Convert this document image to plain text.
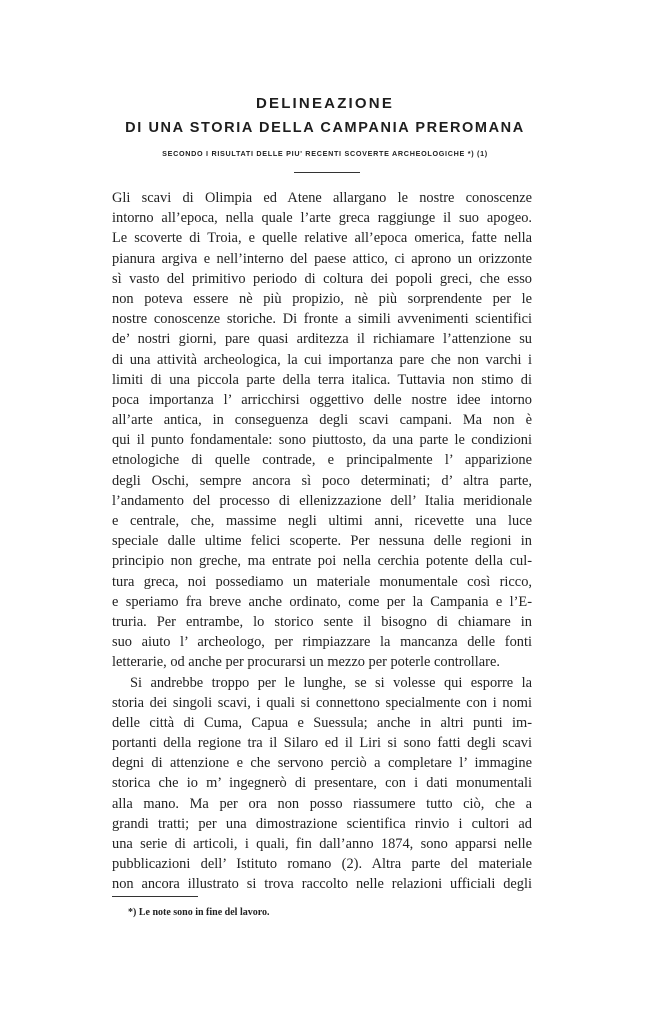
DELINEAZIONE
DI UNA STORIA DELLA CAMPANIA PREROMANA
SECONDO I RISULTATI DELLE PIU' RECENTI SCOVERTE ARCHEOLOGICHE *) (1)
Gli scavi di Olimpia ed Atene allargano le nostre conoscenze
intorno all’epoca, nella quale l’arte greca raggiunge il suo apogeo.
Le scoverte di Troia, e quelle relative all’epoca omerica, fatte nella
pianura argiva e nell’interno del paese attico, ci aprono un orizzonte
sì vasto del primitivo periodo di coltura dei popoli greci, che esso
non poteva essere nè più propizio, nè più sorprendente per le
nostre conoscenze storiche. Di fronte a simili avvenimenti scientifici
de’ nostri giorni, pare quasi arditezza il richiamare l’attenzione su
di una attività archeologica, la cui importanza pare che non varchi i
limiti di una piccola parte della terra italica. Tuttavia non stimo di
poca importanza l’ arricchirsi oggettivo delle nostre idee intorno
all’arte antica, in conseguenza degli scavi campani. Ma non è
qui il punto fondamentale: sono piuttosto, da una parte le condizioni
etnologiche di quelle contrade, e principalmente l’ apparizione
degli Oschi, sempre ancora sì poco determinati; d’ altra parte,
l’andamento del processo di ellenizzazione dell’ Italia meridionale
e centrale, che, massime negli ultimi anni, ricevette una luce
speciale dalle ultime felici scoperte. Per nessuna delle regioni in
principio non greche, ma entrate poi nella cerchia potente della cul-
tura greca, noi possediamo un materiale monumentale così ricco,
e speriamo fra breve anche ordinato, come per la Campania e l’E-
truria. Per entrambe, lo storico sente il bisogno di chiamare in
suo aiuto l’ archeologo, per rimpiazzare la mancanza delle fonti
letterarie, od anche per procurarsi un mezzo per poterle controllare.
Si andrebbe troppo per le lunghe, se si volesse qui esporre la
storia dei singoli scavi, i quali si connettono specialmente con i nomi
delle città di Cuma, Capua e Suessula; anche in altri punti im-
portanti della regione tra il Silaro ed il Liri si sono fatti degli scavi
degni di attenzione e che servono perciò a completare l’ immagine
storica che io m’ ingegnerò di presentare, con i dati monumentali
alla mano. Ma per ora non posso riassumere tutto ciò, che a
grandi tratti; per una dimostrazione scientifica rinvio i cultori ad
una serie di articoli, i quali, fin dall’anno 1874, sono apparsi nelle
pubblicazioni dell’ Istituto romano (2). Altra parte del materiale
non ancora illustrato si trova raccolto nelle relazioni ufficiali degli
*) Le note sono in fine del lavoro.
